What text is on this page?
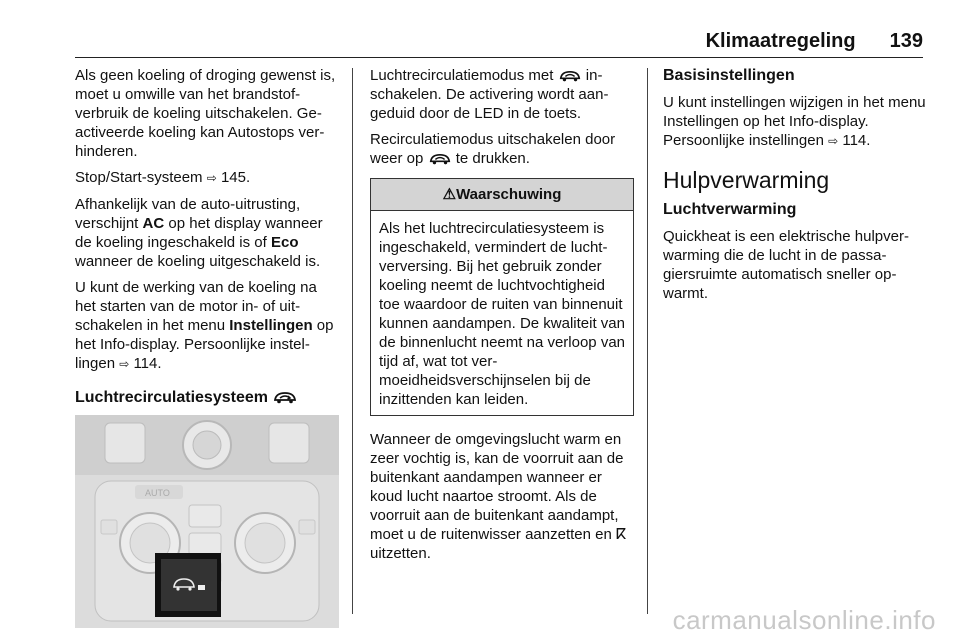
Klimaatregeling 139

Als geen koeling of droging gewenst is, moet u omwille van het brandstofverbruik de koeling uitschakelen. Geactiveerde koeling kan Autostops verhinderen.

Stop/Start-systeem ⇨ 145.

Afhankelijk van de auto-uitrusting, verschijnt AC op het display wanneer de koeling ingeschakeld is of Eco wanneer de koeling uitgeschakeld is.

U kunt de werking van de koeling na het starten van de motor in- of uitschakelen in het menu Instellingen op het Info-display. Persoonlijke instellingen ⇨ 114.

Luchtrecirculatiesysteem
AUTO

Luchtrecirculatiemodus met  inschakelen. De activering wordt aangeduid door de LED in de toets.

Recirculatiemodus uitschakelen door weer op  te drukken.

⚠Waarschuwing
Als het luchtrecirculatiesysteem is ingeschakeld, vermindert de luchtverversing. Bij het gebruik zonder koeling neemt de luchtvochtigheid toe waardoor de ruiten van binnenuit kunnen aandampen. De kwaliteit van de binnenlucht neemt na verloop van tijd af, wat tot vermoeidheidsverschijnselen bij de inzittenden kan leiden.

Wanneer de omgevingslucht warm en zeer vochtig is, kan de voorruit aan de buitenkant aandampen wanneer er koud lucht naartoe stroomt. Als de voorruit aan de buitenkant aandampt, moet u de ruitenwisser aanzetten en ⴽ uitzetten.

Basisinstellingen

U kunt instellingen wijzigen in het menu Instellingen op het Info-display. Persoonlijke instellingen ⇨ 114.

Hulpverwarming
Luchtverwarming

Quickheat is een elektrische hulpverwarming die de lucht in de passagiersruimte automatisch sneller opwarmt.

carmanualsonline.info
